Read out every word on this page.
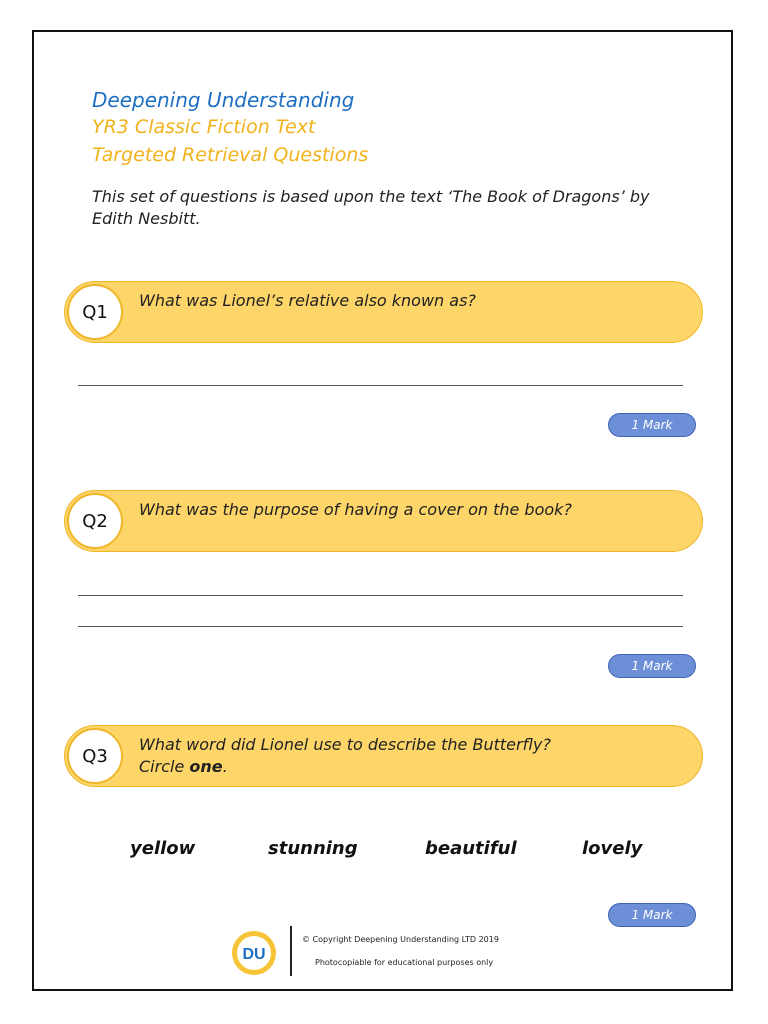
Deepening Understanding
YR3 Classic Fiction Text
Targeted Retrieval Questions
This set of questions is based upon the text ‘The Book of Dragons’ by Edith Nesbitt.
Q1
What was Lionel’s relative also known as?
1 Mark
Q2
What was the purpose of having a cover on the book?
1 Mark
Q3
What word did Lionel use to describe the Butterfly?
Circle one.
yellow	stunning	beautiful	lovely
1 Mark
DU
© Copyright Deepening Understanding LTD 2019
Photocopiable for educational purposes only
